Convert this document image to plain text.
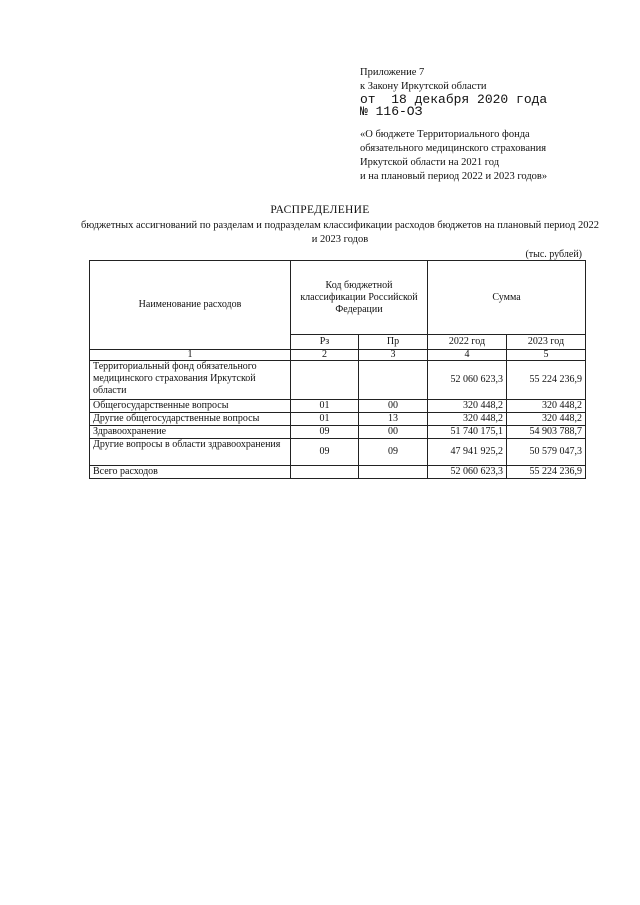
Приложение 7
к Закону Иркутской области
от  18 декабря 2020 года
№ 116-ОЗ
«О бюджете Территориального фонда
обязательного медицинского страхования
Иркутской области на 2021 год
и на плановый период 2022 и 2023 годов»
РАСПРЕДЕЛЕНИЕ
бюджетных ассигнований по разделам и подразделам классификации расходов бюджетов на плановый период 2022 и 2023 годов
(тыс. рублей)
Наименование расходов	Код бюджетной классификации Российской Федерации		Сумма	
	Рз	Пр	2022 год	2023 год
1	2	3	4	5
Территориальный фонд обязательного медицинского страхования Иркутской области			52 060 623,3	55 224 236,9
Общегосударственные вопросы	01	00	320 448,2	320 448,2
Другие общегосударственные вопросы	01	13	320 448,2	320 448,2
Здравоохранение	09	00	51 740 175,1	54 903 788,7
Другие вопросы в области здравоохранения	09	09	47 941 925,2	50 579 047,3
Всего расходов			52 060 623,3	55 224 236,9
